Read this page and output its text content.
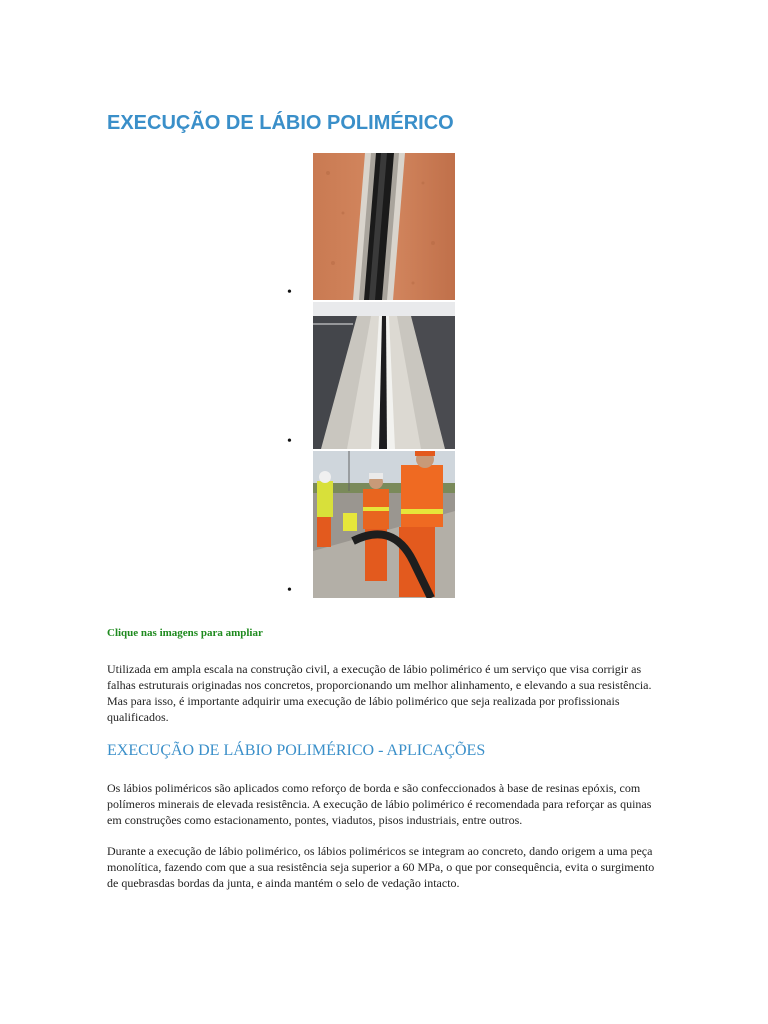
EXECUÇÃO DE LÁBIO POLIMÉRICO
•
•
•

Clique nas imagens para ampliar

Utilizada em ampla escala na construção civil, a execução de lábio polimérico é um serviço que visa corrigir as falhas estruturais originadas nos concretos, proporcionando um melhor alinhamento, e elevando a sua resistência. Mas para isso, é importante adquirir uma execução de lábio polimérico que seja realizada por profissionais qualificados.

EXECUÇÃO DE LÁBIO POLIMÉRICO - APLICAÇÕES

Os lábios poliméricos são aplicados como reforço de borda e são confeccionados à base de resinas epóxis, com polímeros minerais de elevada resistência. A execução de lábio polimérico é recomendada para reforçar as quinas em construções como estacionamento, pontes, viadutos, pisos industriais, entre outros.

Durante a execução de lábio polimérico, os lábios poliméricos se integram ao concreto, dando origem a uma peça monolítica, fazendo com que a sua resistência seja superior a 60 MPa, o que por consequência, evita o surgimento de quebrasdas bordas da junta, e ainda mantém o selo de vedação intacto.
